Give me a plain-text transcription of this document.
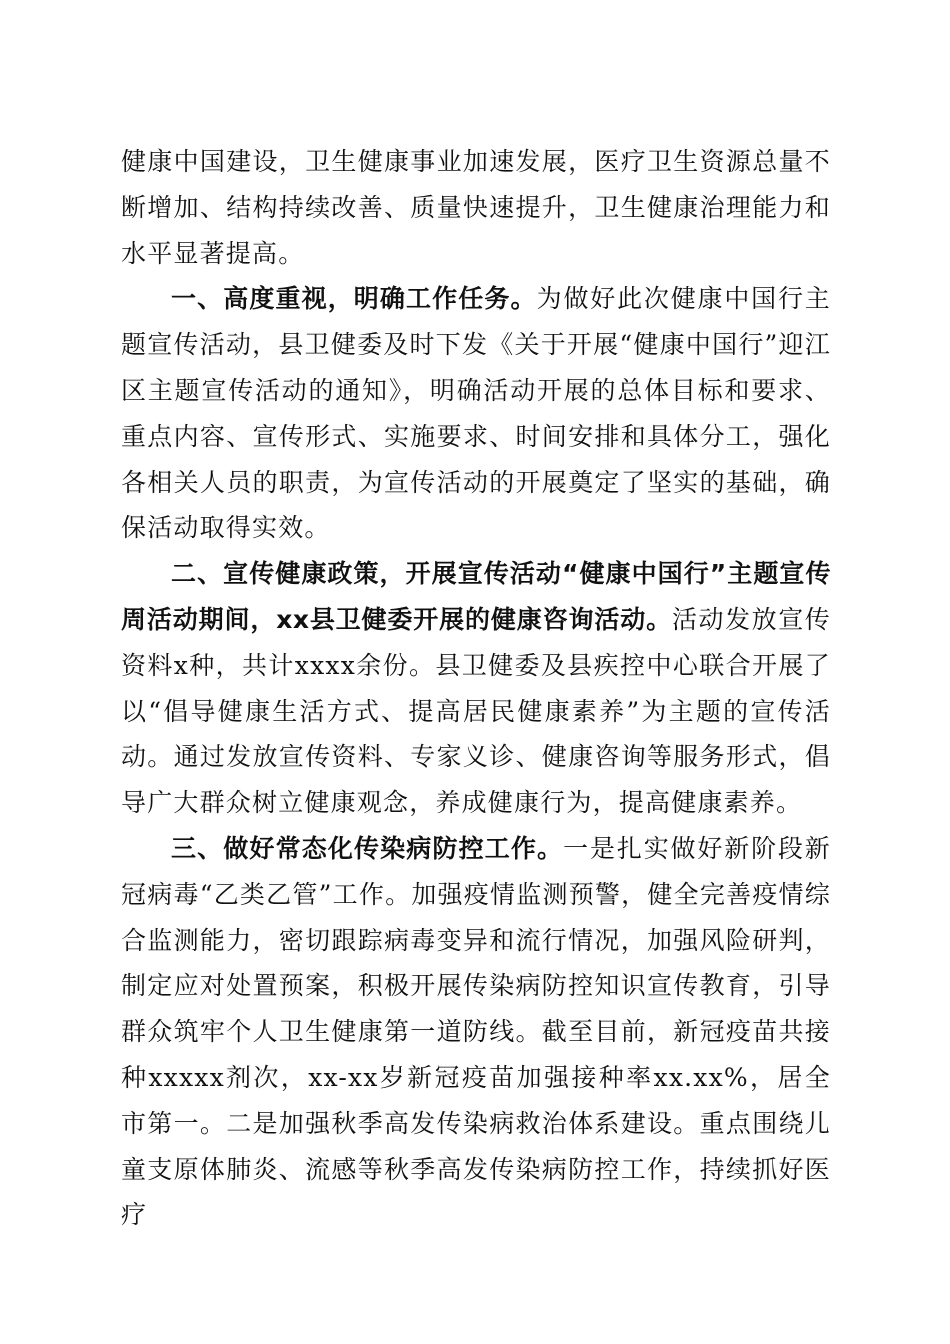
健康中国建设，卫生健康事业加速发展，医疗卫生资源总量不断增加、结构持续改善、质量快速提升，卫生健康治理能力和水平显著提高。

一、高度重视，明确工作任务。为做好此次健康中国行主题宣传活动，县卫健委及时下发《关于开展“健康中国行”迎江区主题宣传活动的通知》，明确活动开展的总体目标和要求、重点内容、宣传形式、实施要求、时间安排和具体分工，强化各相关人员的职责，为宣传活动的开展奠定了坚实的基础，确保活动取得实效。

二、宣传健康政策，开展宣传活动“健康中国行”主题宣传周活动期间，xx县卫健委开展的健康咨询活动。活动发放宣传资料x种，共计xxxx余份。县卫健委及县疾控中心联合开展了以“倡导健康生活方式、提高居民健康素养”为主题的宣传活动。通过发放宣传资料、专家义诊、健康咨询等服务形式，倡导广大群众树立健康观念，养成健康行为，提高健康素养。

三、做好常态化传染病防控工作。一是扎实做好新阶段新冠病毒“乙类乙管”工作。加强疫情监测预警，健全完善疫情综合监测能力，密切跟踪病毒变异和流行情况，加强风险研判，制定应对处置预案，积极开展传染病防控知识宣传教育，引导群众筑牢个人卫生健康第一道防线。截至目前，新冠疫苗共接种xxxxx剂次，xx-xx岁新冠疫苗加强接种率xx.xx%，居全市第一。二是加强秋季高发传染病救治体系建设。重点围绕儿童支原体肺炎、流感等秋季高发传染病防控工作，持续抓好医疗
